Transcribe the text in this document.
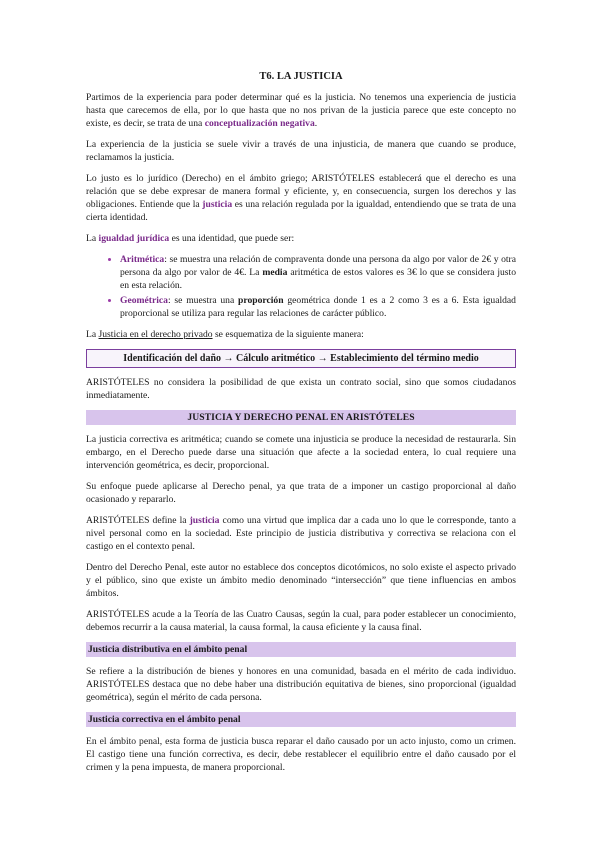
T6. LA JUSTICIA

Partimos de la experiencia para poder determinar qué es la justicia. No tenemos una experiencia de justicia hasta que carecemos de ella, por lo que hasta que no nos privan de la justicia parece que este concepto no existe, es decir, se trata de una conceptualización negativa.

La experiencia de la justicia se suele vivir a través de una injusticia, de manera que cuando se produce, reclamamos la justicia.

Lo justo es lo jurídico (Derecho) en el ámbito griego; ARISTÓTELES establecerá que el derecho es una relación que se debe expresar de manera formal y eficiente, y, en consecuencia, surgen los derechos y las obligaciones. Entiende que la justicia es una relación regulada por la igualdad, entendiendo que se trata de una cierta identidad.

La igualdad jurídica es una identidad, que puede ser:

• Aritmética: se muestra una relación de compraventa donde una persona da algo por valor de 2€ y otra persona da algo por valor de 4€. La media aritmética de estos valores es 3€ lo que se considera justo en esta relación.
• Geométrica: se muestra una proporción geométrica donde 1 es a 2 como 3 es a 6. Esta igualdad proporcional se utiliza para regular las relaciones de carácter público.

La Justicia en el derecho privado se esquematiza de la siguiente manera:

Identificación del daño → Cálculo aritmético → Establecimiento del término medio

ARISTÓTELES no considera la posibilidad de que exista un contrato social, sino que somos ciudadanos inmediatamente.

JUSTICIA Y DERECHO PENAL EN ARISTÓTELES

La justicia correctiva es aritmética; cuando se comete una injusticia se produce la necesidad de restaurarla. Sin embargo, en el Derecho puede darse una situación que afecte a la sociedad entera, lo cual requiere una intervención geométrica, es decir, proporcional.

Su enfoque puede aplicarse al Derecho penal, ya que trata de a imponer un castigo proporcional al daño ocasionado y repararlo.

ARISTÓTELES define la justicia como una virtud que implica dar a cada uno lo que le corresponde, tanto a nivel personal como en la sociedad. Este principio de justicia distributiva y correctiva se relaciona con el castigo en el contexto penal.

Dentro del Derecho Penal, este autor no establece dos conceptos dicotómicos, no solo existe el aspecto privado y el público, sino que existe un ámbito medio denominado “intersección” que tiene influencias en ambos ámbitos.

ARISTÓTELES acude a la Teoría de las Cuatro Causas, según la cual, para poder establecer un conocimiento, debemos recurrir a la causa material, la causa formal, la causa eficiente y la causa final.

Justicia distributiva en el ámbito penal

Se refiere a la distribución de bienes y honores en una comunidad, basada en el mérito de cada individuo. ARISTÓTELES destaca que no debe haber una distribución equitativa de bienes, sino proporcional (igualdad geométrica), según el mérito de cada persona.

Justicia correctiva en el ámbito penal

En el ámbito penal, esta forma de justicia busca reparar el daño causado por un acto injusto, como un crimen. El castigo tiene una función correctiva, es decir, debe restablecer el equilibrio entre el daño causado por el crimen y la pena impuesta, de manera proporcional.
